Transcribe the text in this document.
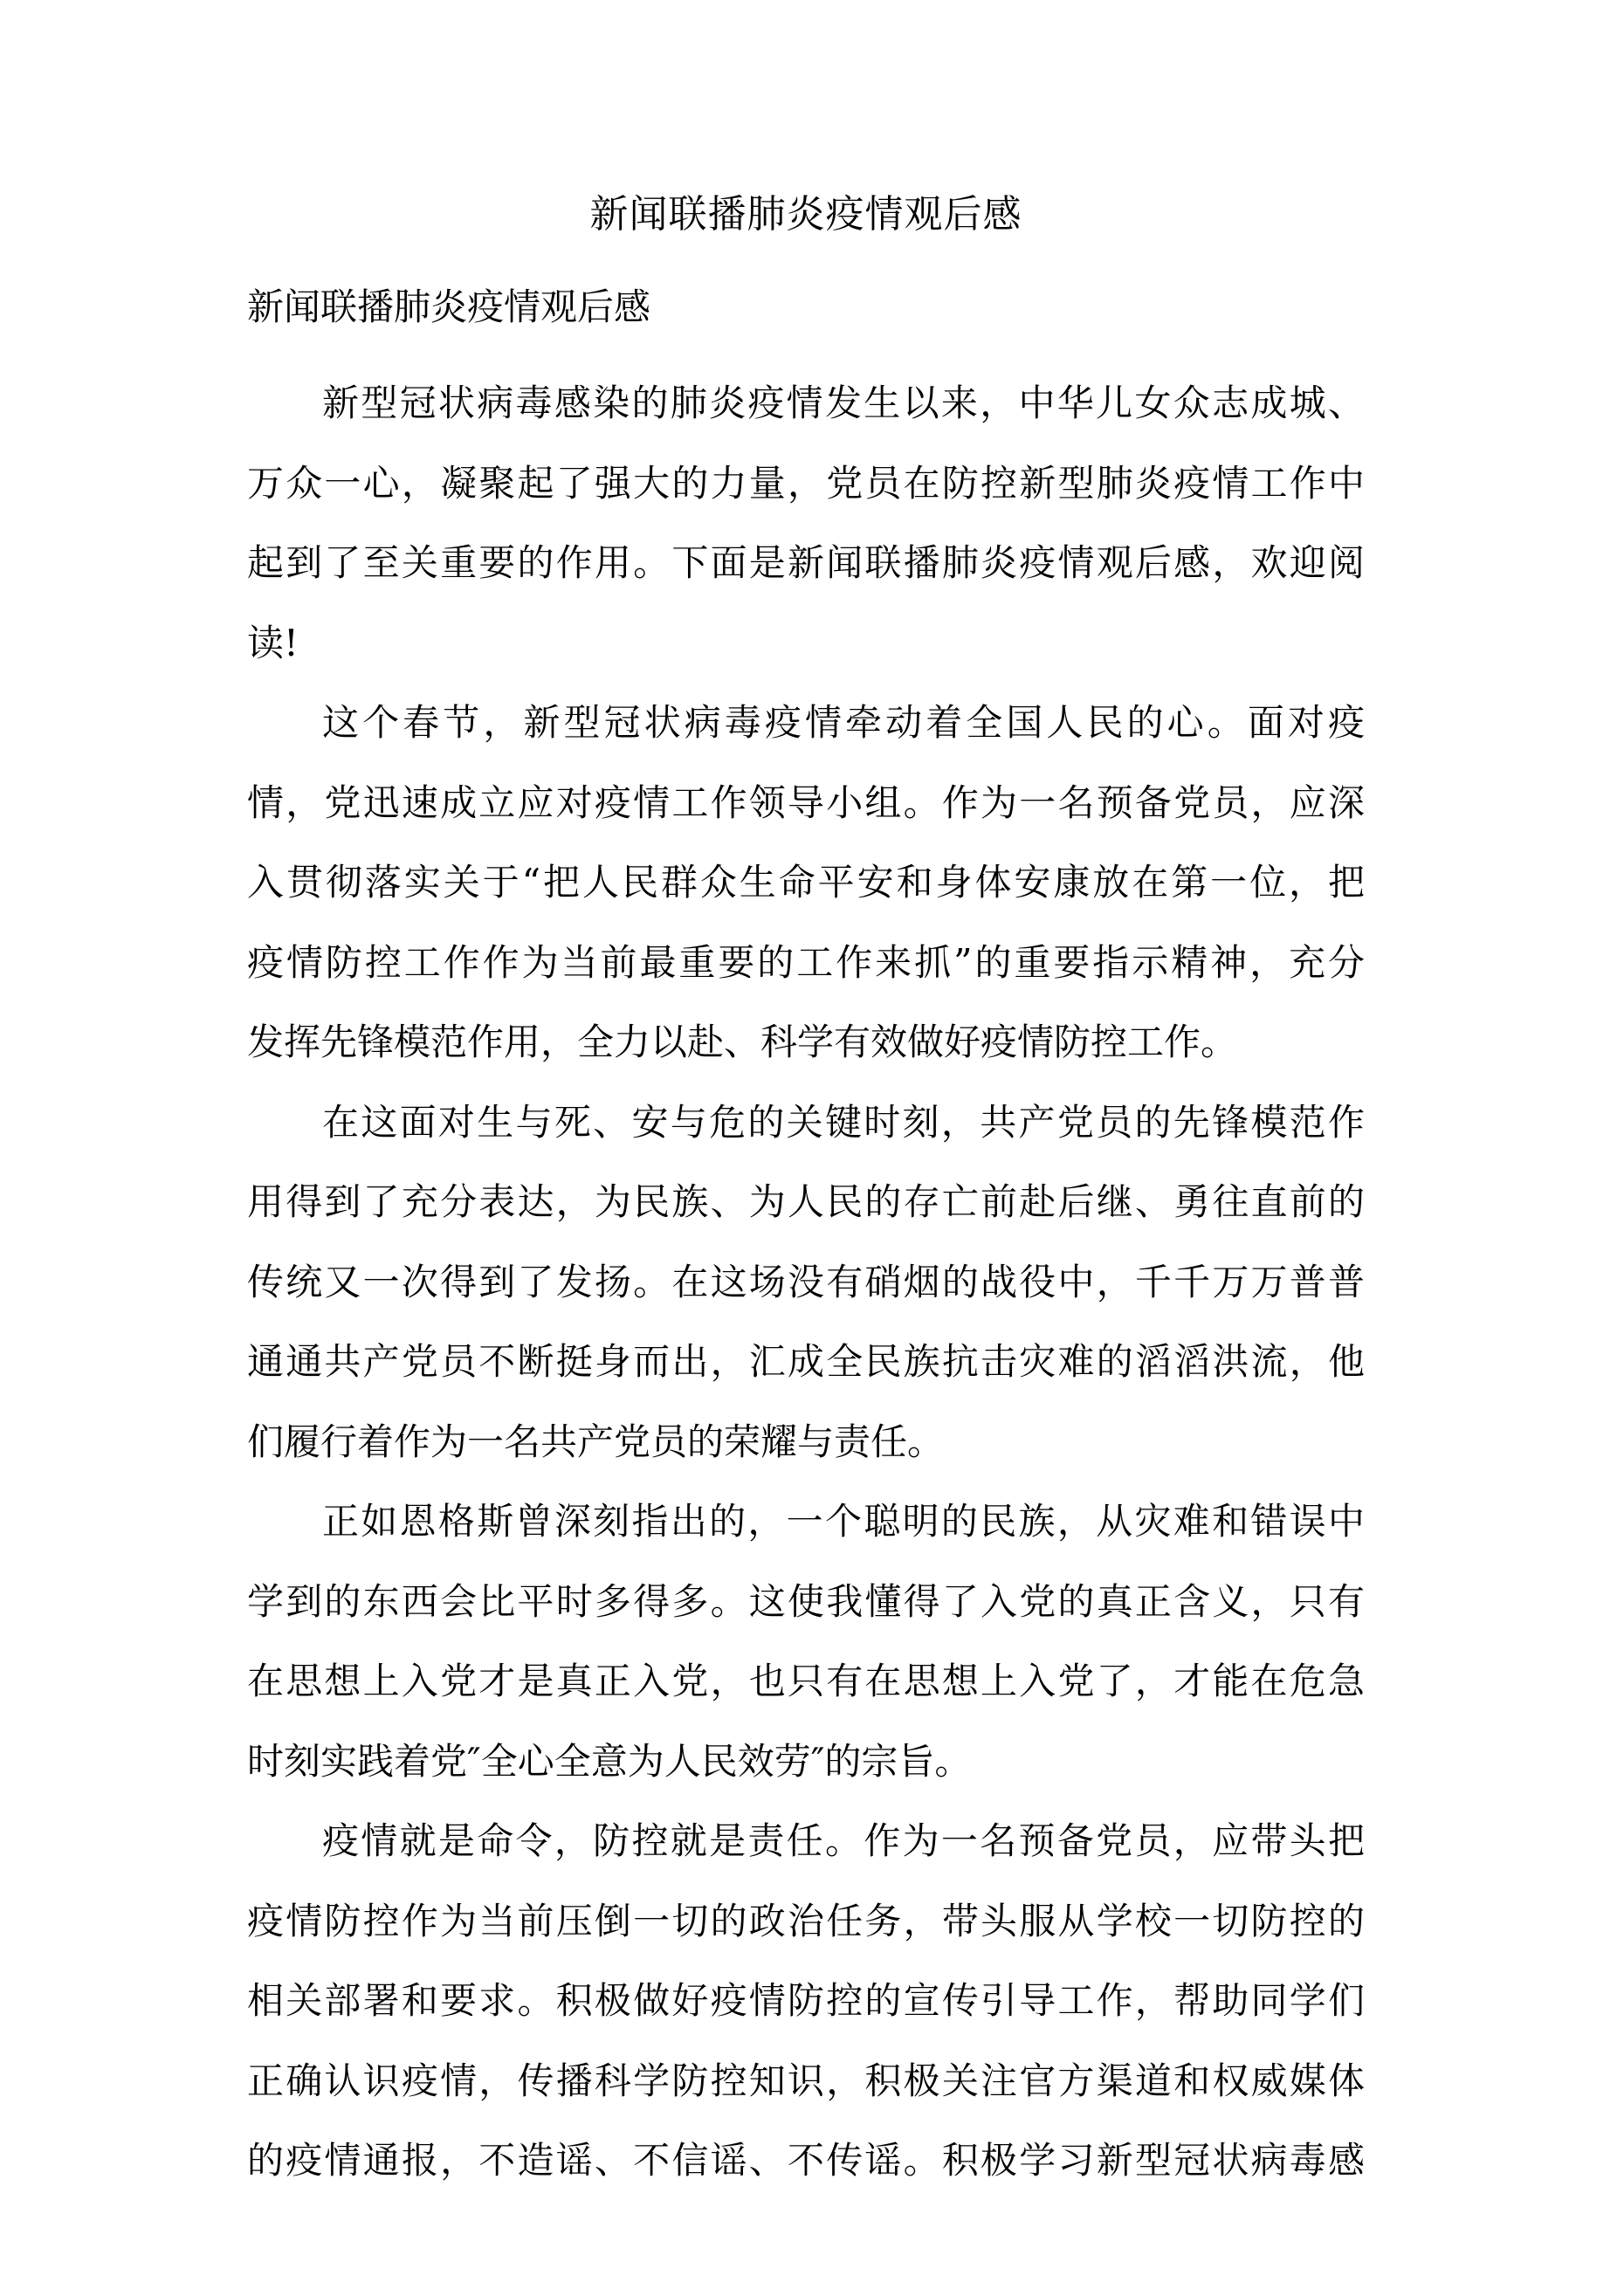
新闻联播肺炎疫情观后感

新闻联播肺炎疫情观后感

新型冠状病毒感染的肺炎疫情发生以来，中华儿女众志成城、
万众一心，凝聚起了强大的力量，党员在防控新型肺炎疫情工作中
起到了至关重要的作用。下面是新闻联播肺炎疫情观后感，欢迎阅
读!
这个春节，新型冠状病毒疫情牵动着全国人民的心。面对疫
情，党迅速成立应对疫情工作领导小组。作为一名预备党员，应深
入贯彻落实关于“把人民群众生命平安和身体安康放在第一位，把
疫情防控工作作为当前最重要的工作来抓”的重要指示精神，充分
发挥先锋模范作用，全力以赴、科学有效做好疫情防控工作。
在这面对生与死、安与危的关键时刻，共产党员的先锋模范作
用得到了充分表达，为民族、为人民的存亡前赴后继、勇往直前的
传统又一次得到了发扬。在这场没有硝烟的战役中，千千万万普普
通通共产党员不断挺身而出，汇成全民族抗击灾难的滔滔洪流，他
们履行着作为一名共产党员的荣耀与责任。
正如恩格斯曾深刻指出的，一个聪明的民族，从灾难和错误中
学到的东西会比平时多得多。这使我懂得了入党的真正含义，只有
在思想上入党才是真正入党，也只有在思想上入党了，才能在危急
时刻实践着党″全心全意为人民效劳″的宗旨。
疫情就是命令，防控就是责任。作为一名预备党员，应带头把
疫情防控作为当前压倒一切的政治任务，带头服从学校一切防控的
相关部署和要求。积极做好疫情防控的宣传引导工作，帮助同学们
正确认识疫情，传播科学防控知识，积极关注官方渠道和权威媒体
的疫情通报，不造谣、不信谣、不传谣。积极学习新型冠状病毒感
